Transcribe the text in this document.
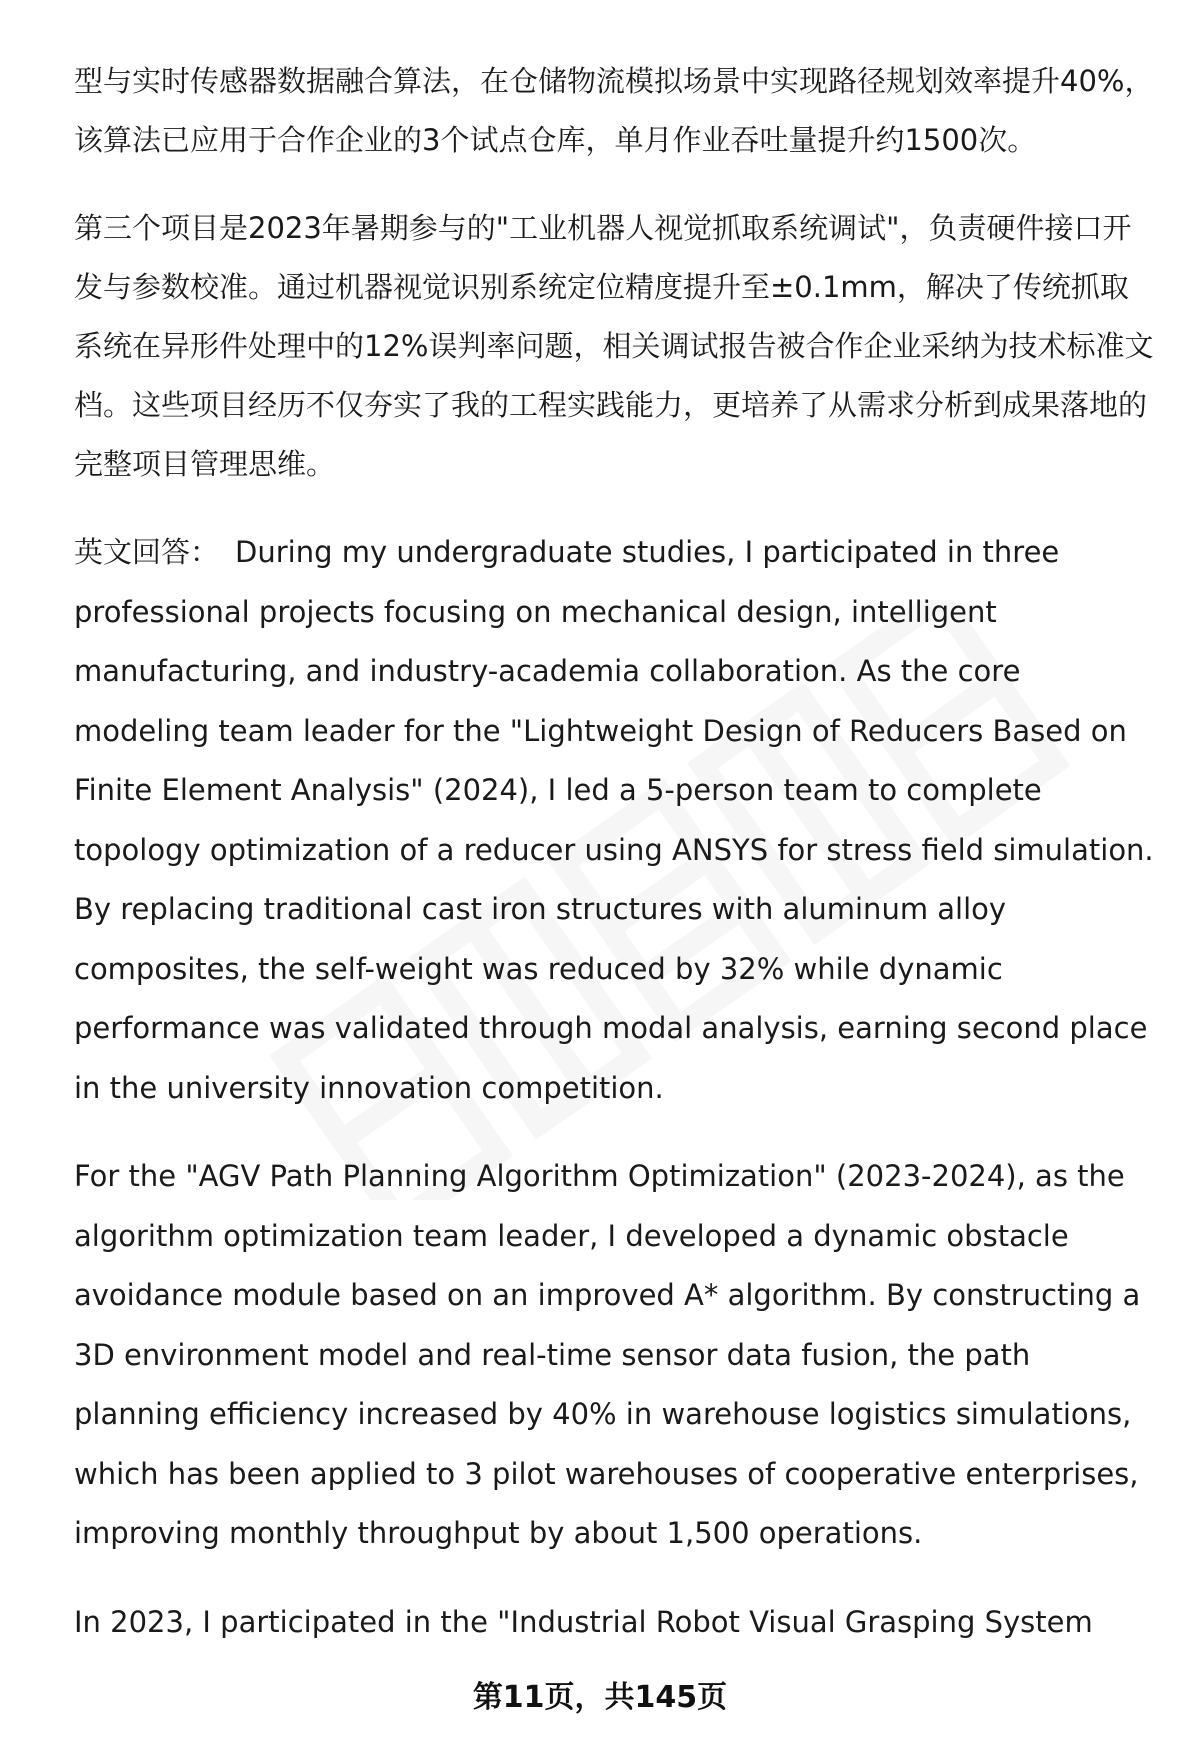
型与实时传感器数据融合算法，在仓储物流模拟场景中实现路径规划效率提升40%，该算法已应用于合作企业的3个试点仓库，单月作业吞吐量提升约1500次。

第三个项目是2023年暑期参与的"工业机器人视觉抓取系统调试"，负责硬件接口开发与参数校准。通过机器视觉识别系统定位精度提升至±0.1mm，解决了传统抓取系统在异形件处理中的12%误判率问题，相关调试报告被合作企业采纳为技术标准文档。这些项目经历不仅夯实了我的工程实践能力，更培养了从需求分析到成果落地的完整项目管理思维。

英文回答： During my undergraduate studies, I participated in three professional projects focusing on mechanical design, intelligent manufacturing, and industry-academia collaboration. As the core modeling team leader for the "Lightweight Design of Reducers Based on Finite Element Analysis" (2024), I led a 5-person team to complete topology optimization of a reducer using ANSYS for stress field simulation. By replacing traditional cast iron structures with aluminum alloy composites, the self-weight was reduced by 32% while dynamic performance was validated through modal analysis, earning second place in the university innovation competition.

For the "AGV Path Planning Algorithm Optimization" (2023-2024), as the algorithm optimization team leader, I developed a dynamic obstacle avoidance module based on an improved A* algorithm. By constructing a 3D environment model and real-time sensor data fusion, the path planning efficiency increased by 40% in warehouse logistics simulations, which has been applied to 3 pilot warehouses of cooperative enterprises, improving monthly throughput by about 1,500 operations.

In 2023, I participated in the "Industrial Robot Visual Grasping System

第11页，共145页
